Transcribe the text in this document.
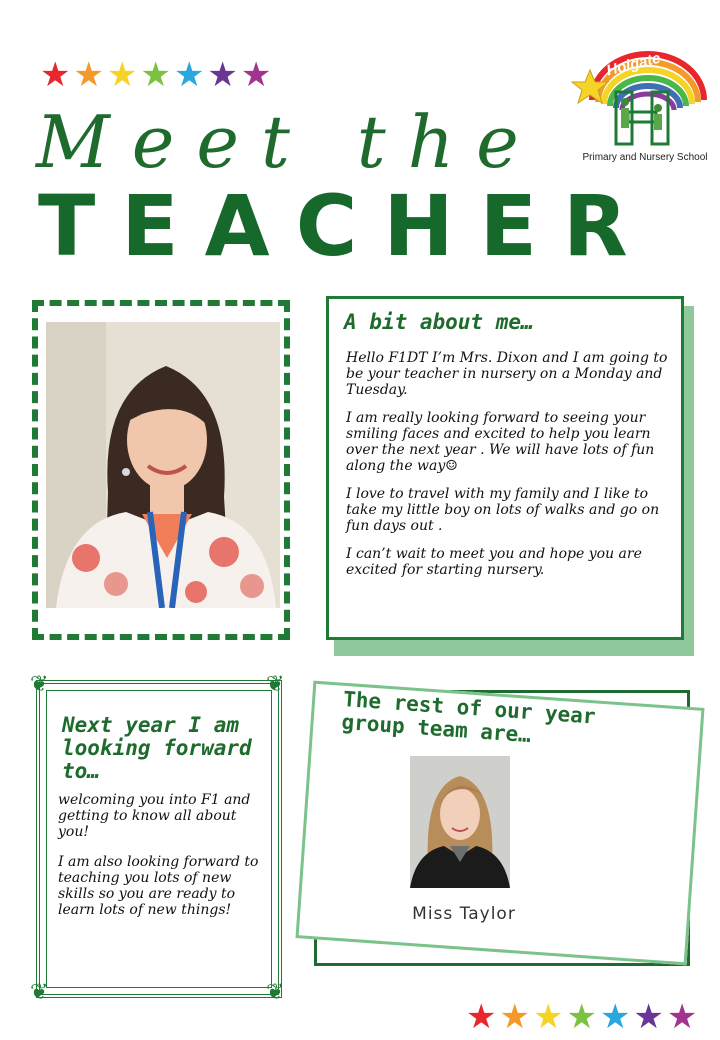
★ ★ ★ ★ ★ ★ ★
Meet the
TEACHER
Holgate
Primary and Nursery School
A bit about me…

Hello F1DT I’m Mrs. Dixon and I am going to be your teacher in nursery on a Monday and Tuesday.

I am really looking forward to seeing your smiling faces and excited to help you learn over the next year . We will have lots of fun along the way☺

I love to travel with my family and I like to take my little boy on lots of walks and go on fun days out .

I can’t wait to meet you and hope you are excited for starting nursery.

❦	❦
❦	❦
Next year I am looking forward to…

welcoming you into F1 and getting to know all about you!

I am also looking forward to teaching you lots of new skills so you are ready to learn lots of new things!

The rest of our year group team are…
Miss Taylor
★ ★ ★ ★ ★ ★ ★
